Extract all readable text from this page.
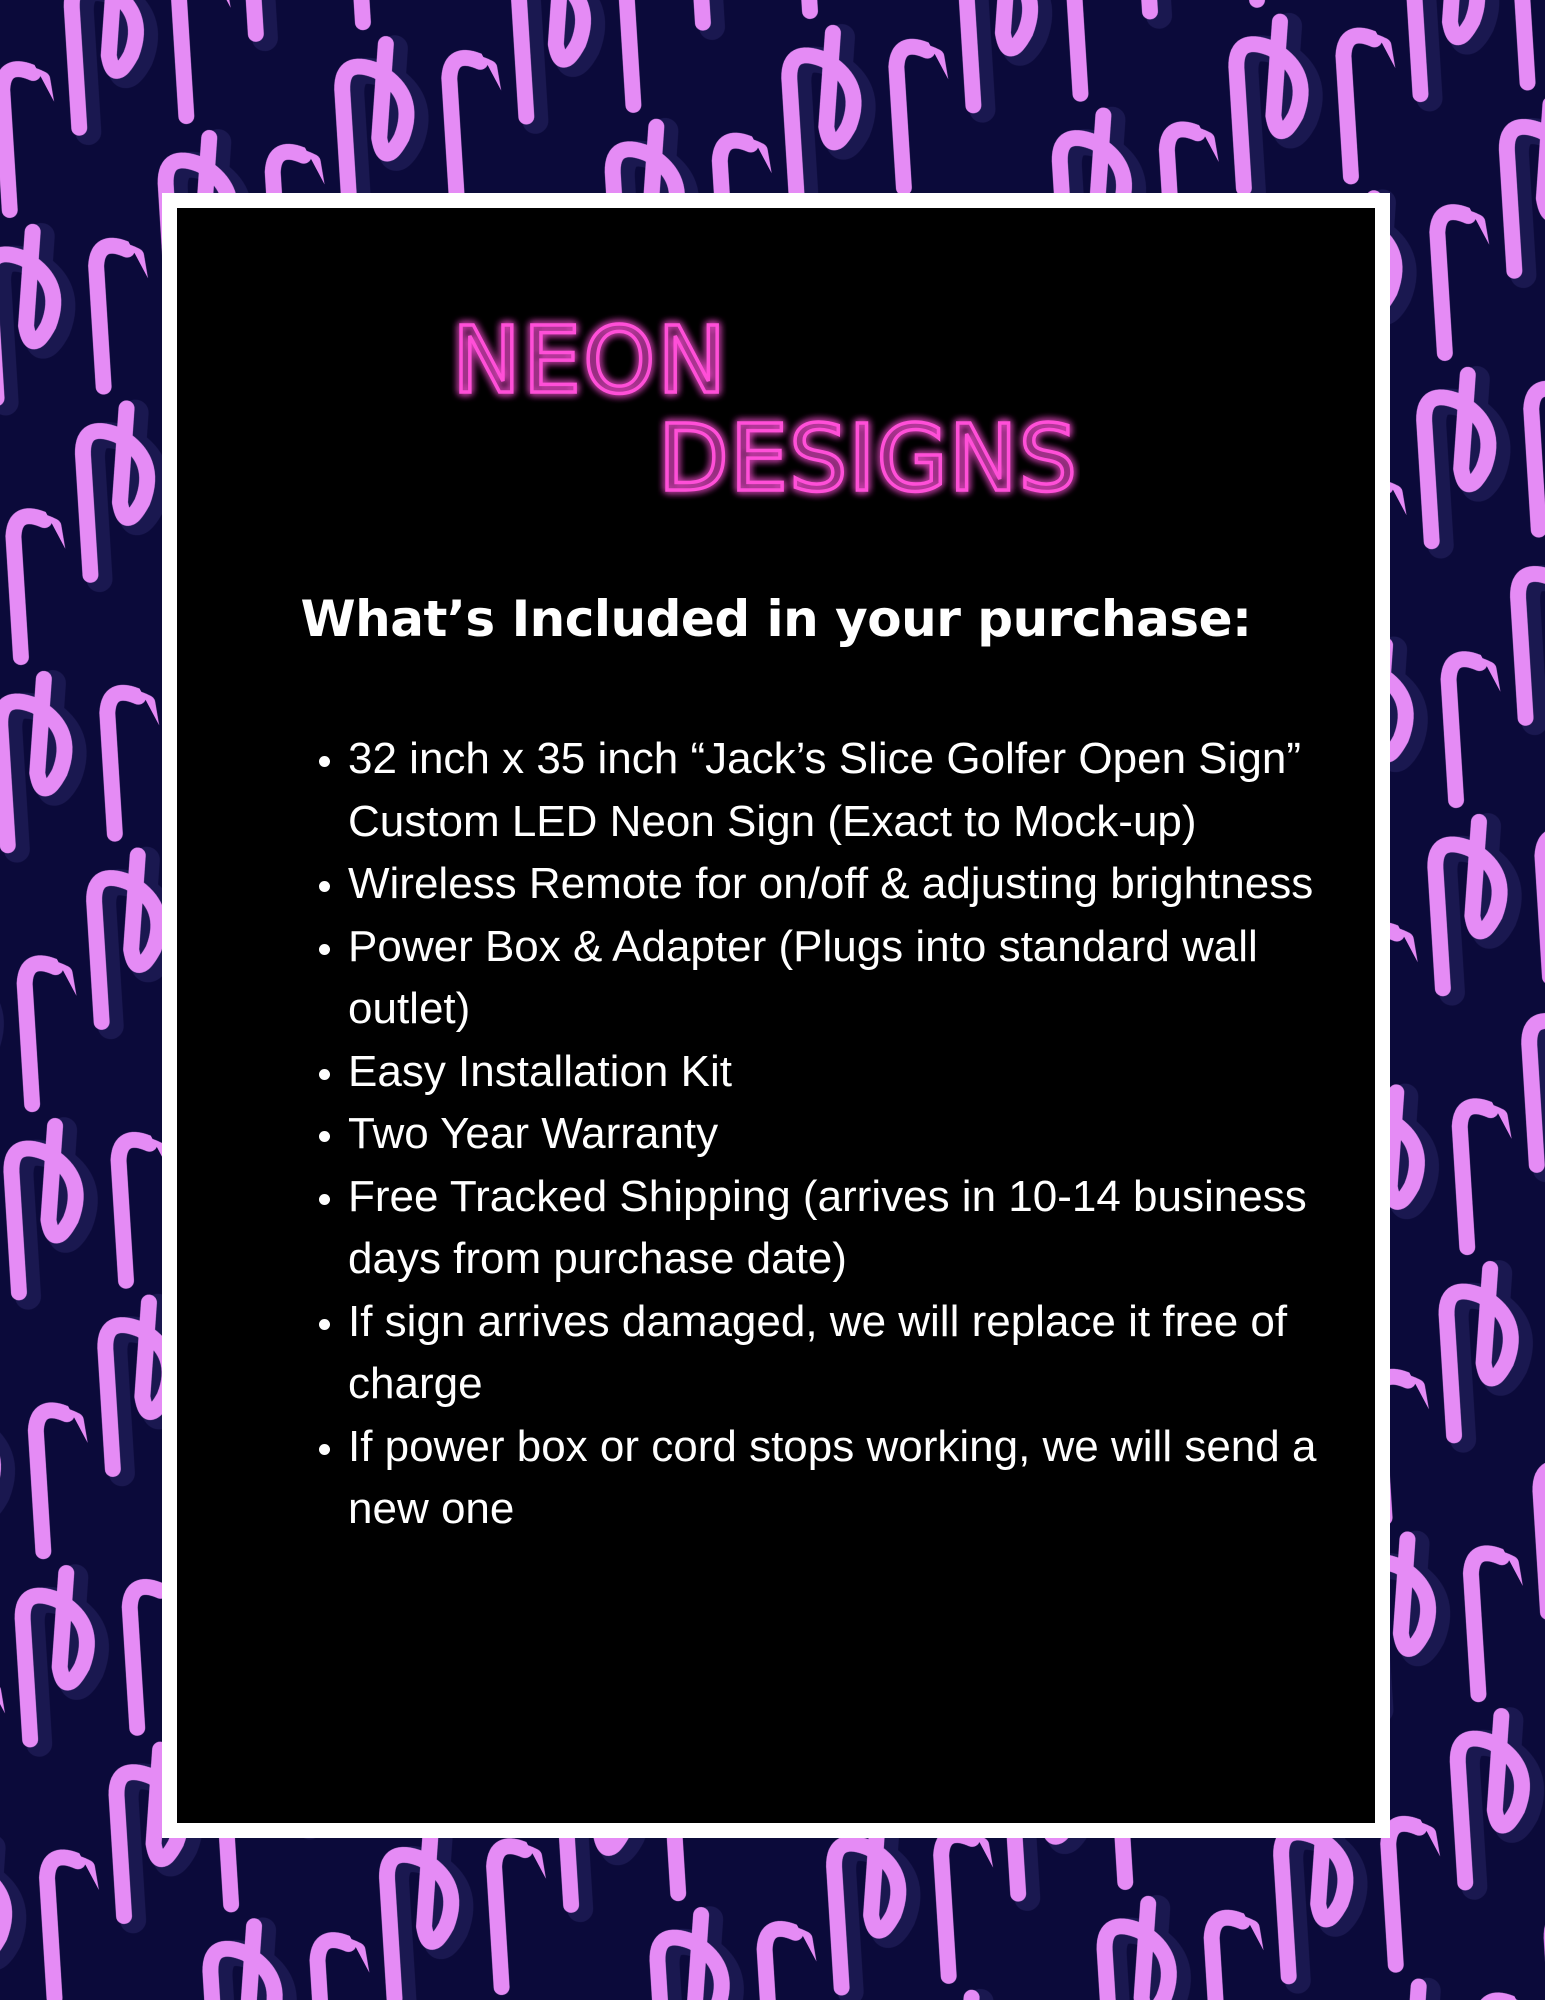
NEON
DESIGNS
What’s Included in your purchase:
• 32 inch x 35 inch “Jack’s Slice Golfer Open Sign” Custom LED Neon Sign (Exact to Mock-up)
• Wireless Remote for on/off & adjusting brightness
• Power Box & Adapter (Plugs into standard wall outlet)
• Easy Installation Kit
• Two Year Warranty
• Free Tracked Shipping (arrives in 10-14 business days from purchase date)
• If sign arrives damaged, we will replace it free of charge
• If power box or cord stops working, we will send a new one
